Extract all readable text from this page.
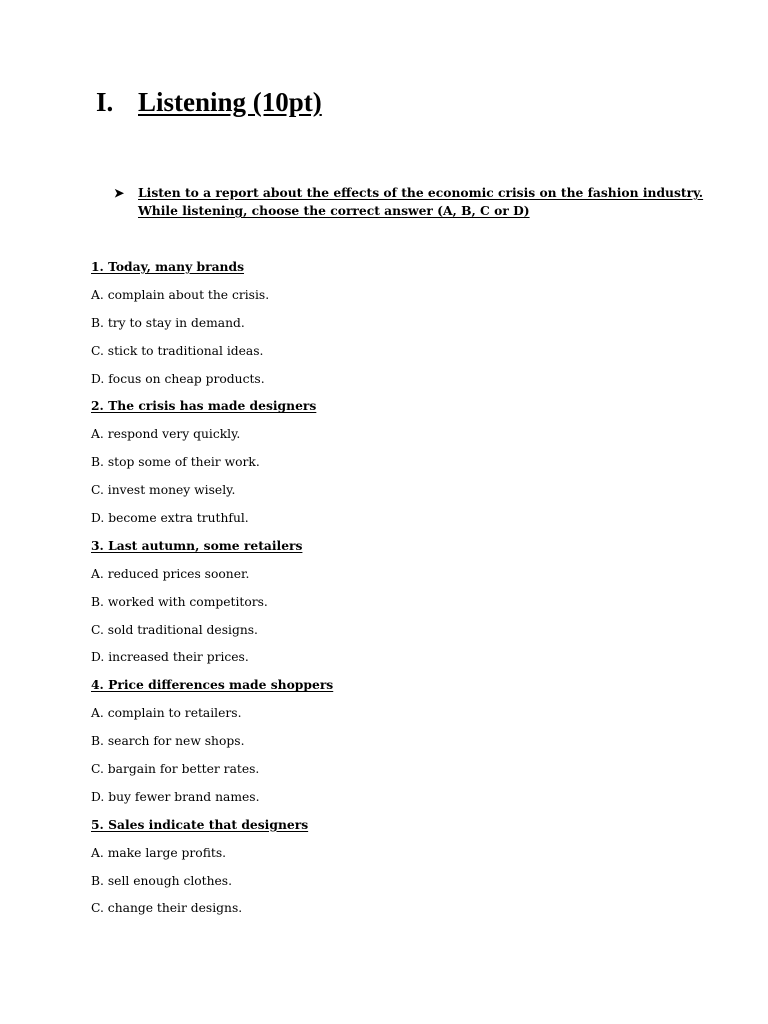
I. Listening (10pt)
➤	Listen to a report about the effects of the economic crisis on the fashion industry.
While listening, choose the correct answer (A, B, C or D)
1. Today, many brands
A. complain about the crisis.
B. try to stay in demand.
C. stick to traditional ideas.
D. focus on cheap products.
2. The crisis has made designers
A. respond very quickly.
B. stop some of their work.
C. invest money wisely.
D. become extra truthful.
3. Last autumn, some retailers
A. reduced prices sooner.
B. worked with competitors.
C. sold traditional designs.
D. increased their prices.
4. Price differences made shoppers
A. complain to retailers.
B. search for new shops.
C. bargain for better rates.
D. buy fewer brand names.
5. Sales indicate that designers
A. make large profits.
B. sell enough clothes.
C. change their designs.
